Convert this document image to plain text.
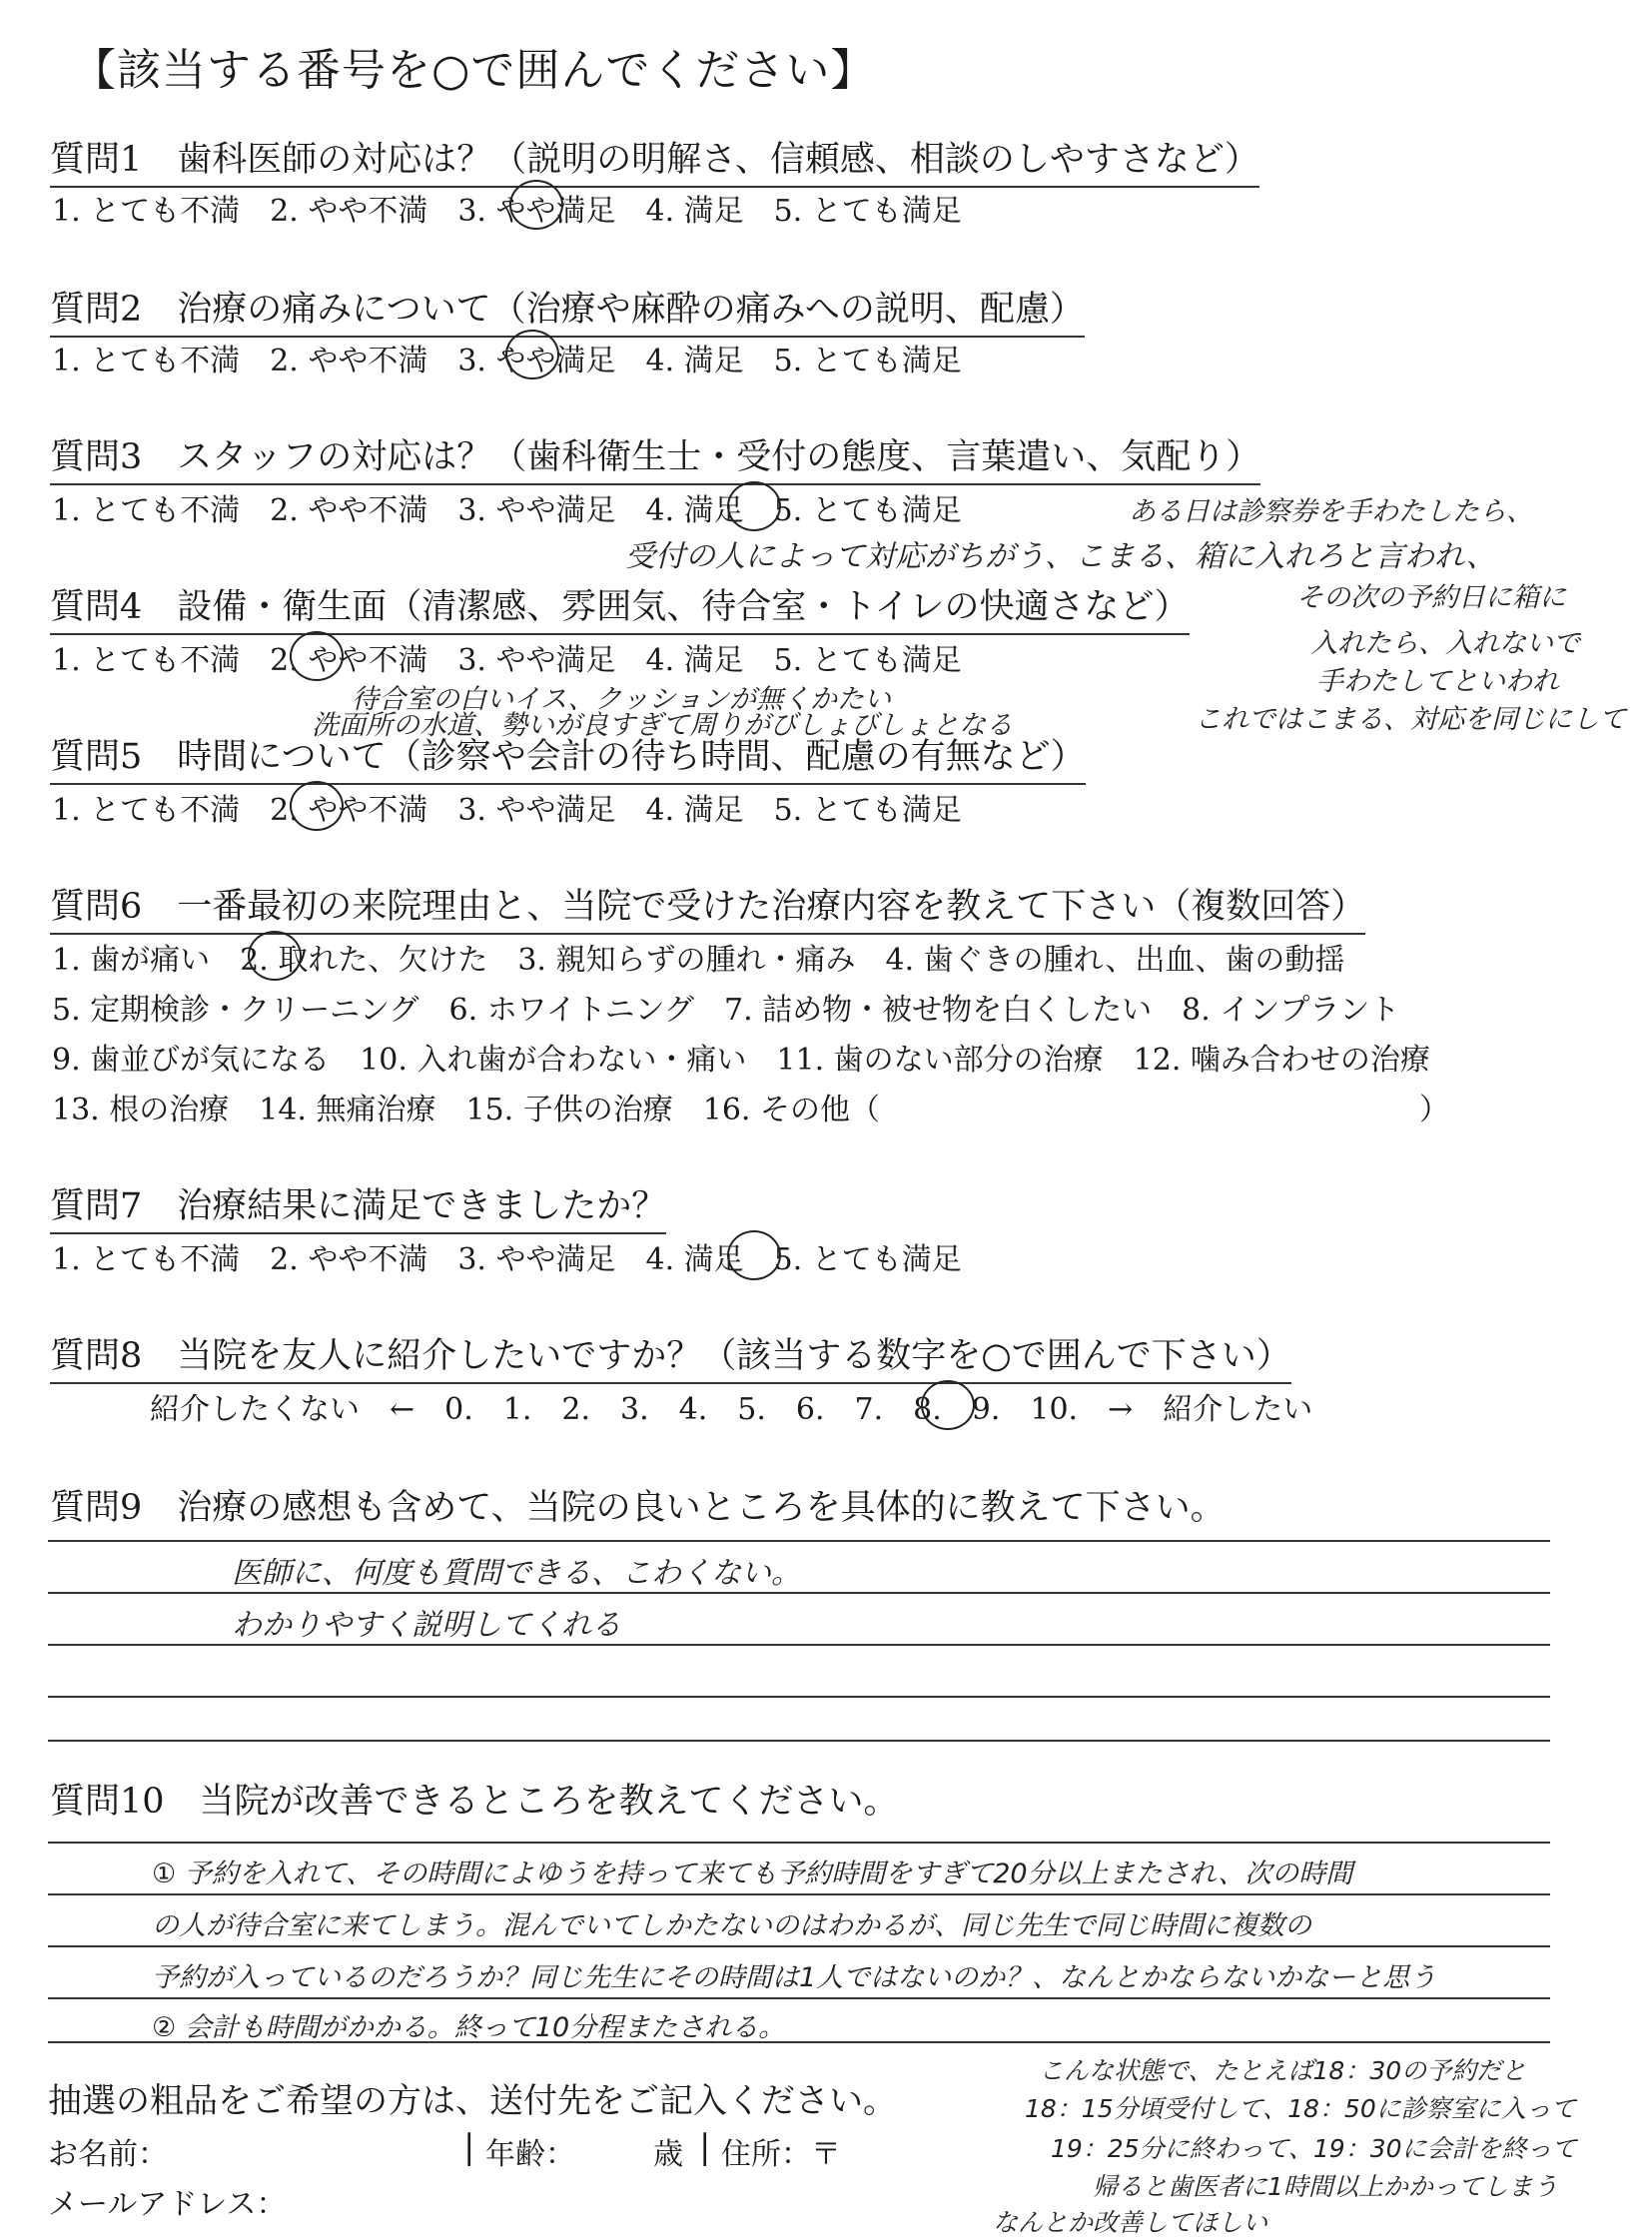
【該当する番号を○で囲んでください】
質問1　歯科医師の対応は？（説明の明解さ、信頼感、相談のしやすさなど）
1. とても不満　2. やや不満　3. やや満足　4. 満足　5. とても満足
質問2　治療の痛みについて（治療や麻酔の痛みへの説明、配慮）
1. とても不満　2. やや不満　3. やや満足　4. 満足　5. とても満足
質問3　スタッフの対応は？（歯科衛生士・受付の態度、言葉遣い、気配り）
1. とても不満　2. やや不満　3. やや満足　4. 満足　5. とても満足	ある日は診察券を手わたしたら、
受付の人によって対応がちがう、こまる、箱に入れろと言われ、
その次の予約日に箱に
入れたら、入れないで
手わたしてといわれ
これではこまる、対応を同じにして
質問4　設備・衛生面（清潔感、雰囲気、待合室・トイレの快適さなど）
1. とても不満　2. やや不満　3. やや満足　4. 満足　5. とても満足
待合室の白いイス、クッションが無くかたい
洗面所の水道、勢いが良すぎて周りがびしょびしょとなる
質問5　時間について（診察や会計の待ち時間、配慮の有無など）
1. とても不満　2. やや不満　3. やや満足　4. 満足　5. とても満足
質問6　一番最初の来院理由と、当院で受けた治療内容を教えて下さい（複数回答）
1. 歯が痛い　2. 取れた、欠けた　3. 親知らずの腫れ・痛み　4. 歯ぐきの腫れ、出血、歯の動揺
5. 定期検診・クリーニング　6. ホワイトニング　7. 詰め物・被せ物を白くしたい　8. インプラント
9. 歯並びが気になる　10. 入れ歯が合わない・痛い　11. 歯のない部分の治療　12. 噛み合わせの治療
13. 根の治療　14. 無痛治療　15. 子供の治療　16. その他（　　　　　　　　　　　　　　　　　　）
質問7　治療結果に満足できましたか？
1. とても不満　2. やや不満　3. やや満足　4. 満足　5. とても満足
質問8　当院を友人に紹介したいですか？（該当する数字を○で囲んで下さい）
紹介したくない　←　0.　1.　2.　3.　4.　5.　6.　7.　8.　9.　10.　→　紹介したい
質問9　治療の感想も含めて、当院の良いところを具体的に教えて下さい。
医師に、何度も質問できる、こわくない。
わかりやすく説明してくれる
質問10　当院が改善できるところを教えてください。
① 予約を入れて、その時間によゆうを持って来ても予約時間をすぎて20分以上またされ、次の時間
の人が待合室に来てしまう。混んでいてしかたないのはわかるが、同じ先生で同じ時間に複数の
予約が入っているのだろうか？同じ先生にその時間は1人ではないのか？、なんとかならないかなーと思う
② 会計も時間がかかる。終って10分程またされる。
こんな状態で、たとえば18：30の予約だと
18：15分頃受付して、18：50に診察室に入って
19：25分に終わって、19：30に会計を終って
帰ると歯医者に1時間以上かかってしまう
なんとか改善してほしい
抽選の粗品をご希望の方は、送付先をご記入ください。
お名前：	| 年齢：	歳 | 住所：〒
メールアドレス：
